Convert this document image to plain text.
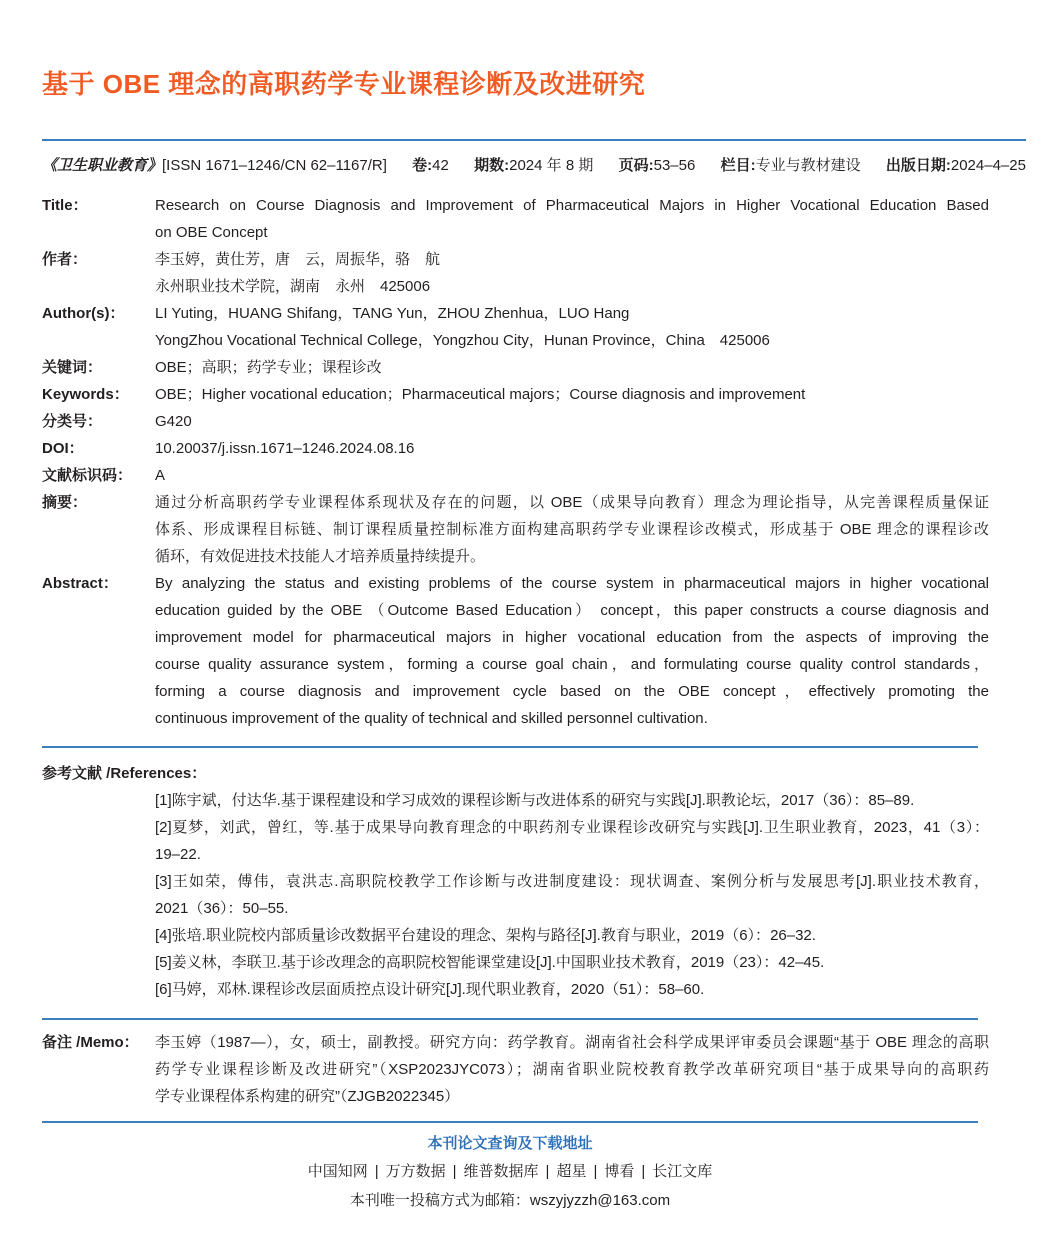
基于 OBE 理念的高职药学专业课程诊断及改进研究
《卫生职业教育》[ISSN 1671–1246/CN 62–1167/R] 卷:42 期数:2024 年 8 期 页码:53–56 栏目:专业与教材建设 出版日期:2024–4–25
Title：	Research on Course Diagnosis and Improvement of Pharmaceutical Majors in Higher Vocational Education Based
on OBE Concept
作者：	李玉婷，黄仕芳，唐　云，周振华，骆　航
永州职业技术学院，湖南　永州　425006
Author(s)：	LI Yuting，HUANG Shifang，TANG Yun，ZHOU Zhenhua，LUO Hang
YongZhou Vocational Technical College，Yongzhou City，Hunan Province，China　425006
关键词：	OBE；高职；药学专业；课程诊改
Keywords：	OBE；Higher vocational education；Pharmaceutical majors；Course diagnosis and improvement
分类号：	G420
DOI：	10.20037/j.issn.1671–1246.2024.08.16
文献标识码：	A
摘要：	通过分析高职药学专业课程体系现状及存在的问题，以 OBE（成果导向教育）理念为理论指导，从完善课程质量保证
体系、形成课程目标链、制订课程质量控制标准方面构建高职药学专业课程诊改模式，形成基于 OBE 理念的课程诊改
循环，有效促进技术技能人才培养质量持续提升。
Abstract：	By analyzing the status and existing problems of the course system in pharmaceutical majors in higher vocational
education guided by the OBE （Outcome Based Education） concept，this paper constructs a course diagnosis and
improvement model for pharmaceutical majors in higher vocational education from the aspects of improving the
course quality assurance system，forming a course goal chain，and formulating course quality control standards，
forming a course diagnosis and improvement cycle based on the OBE concept，effectively promoting the
continuous improvement of the quality of technical and skilled personnel cultivation.
参考文献 /References：
[1]陈宇斌，付达华.基于课程建设和学习成效的课程诊断与改进体系的研究与实践[J].职教论坛，2017（36）：85–89.
[2]夏梦，刘武，曾红，等.基于成果导向教育理念的中职药剂专业课程诊改研究与实践[J].卫生职业教育，2023，41（3）：
19–22.
[3]王如荣，傅伟，袁洪志.高职院校教学工作诊断与改进制度建设：现状调查、案例分析与发展思考[J].职业技术教育，
2021（36）：50–55.
[4]张培.职业院校内部质量诊改数据平台建设的理念、架构与路径[J].教育与职业，2019（6）：26–32.
[5]姜义林，李联卫.基于诊改理念的高职院校智能课堂建设[J].中国职业技术教育，2019（23）：42–45.
[6]马婷，邓林.课程诊改层面质控点设计研究[J].现代职业教育，2020（51）：58–60.
备注 /Memo：	李玉婷（1987—），女，硕士，副教授。研究方向：药学教育。湖南省社会科学成果评审委员会课题“基于 OBE 理念的高职
药学专业课程诊断及改进研究”（XSP2023JYC073）；湖南省职业院校教育教学改革研究项目“基于成果导向的高职药
学专业课程体系构建的研究”（ZJGB2022345）
本刊论文查询及下载地址
中国知网 | 万方数据 | 维普数据库 | 超星 | 博看 | 长江文库
本刊唯一投稿方式为邮箱：wszyjyzzh@163.com
